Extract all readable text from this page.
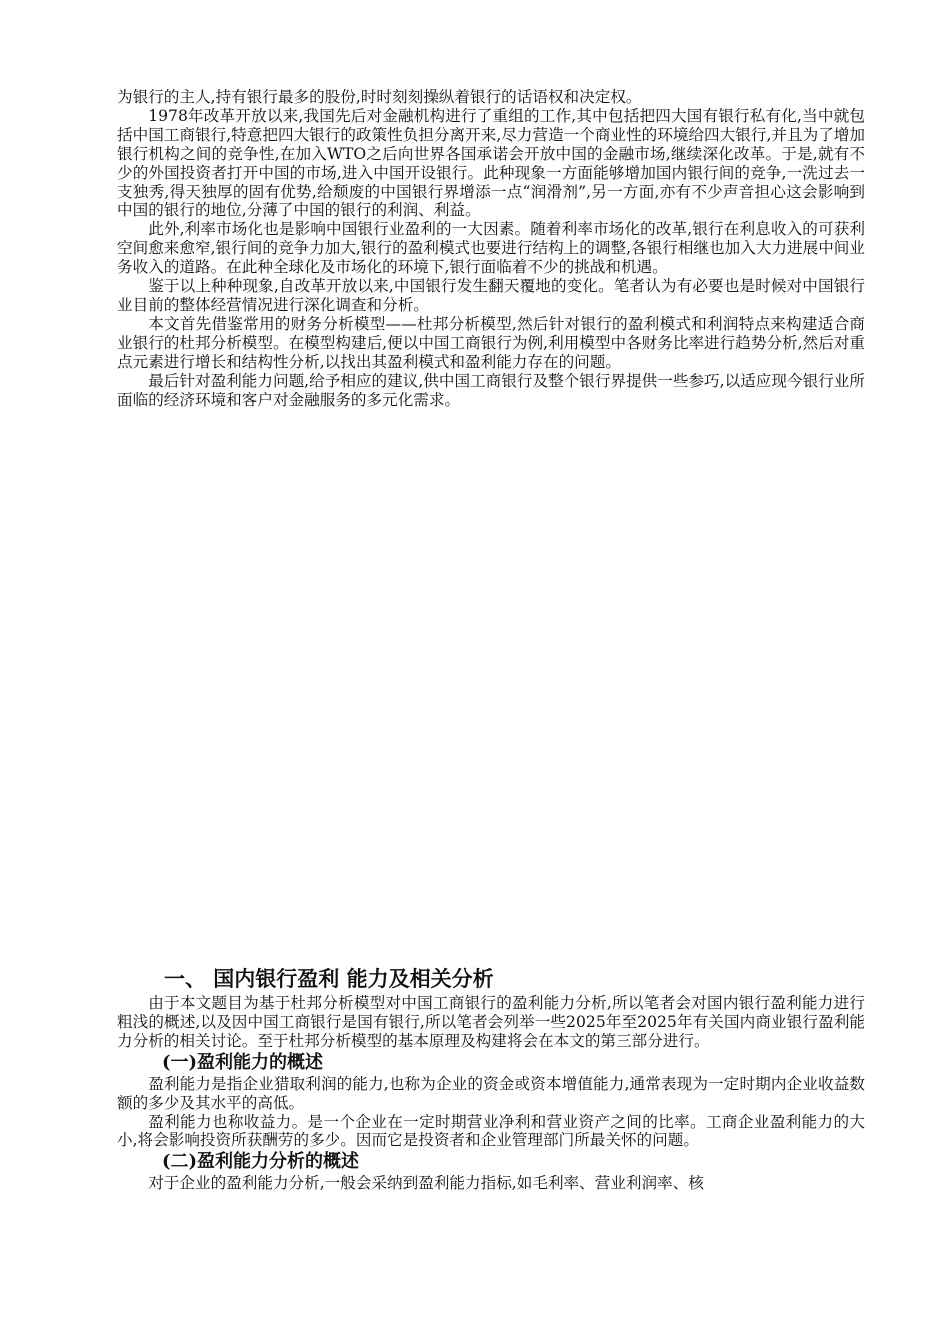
为银行的主人,持有银行最多的股份,时时刻刻操纵着银行的话语权和决定权。

1978年改革开放以来,我国先后对金融机构进行了重组的工作,其中包括把四大国有银行私有化,当中就包括中国工商银行,特意把四大银行的政策性负担分离开来,尽力营造一个商业性的环境给四大银行,并且为了增加银行机构之间的竞争性,在加入WTO之后向世界各国承诺会开放中国的金融市场,继续深化改革。于是,就有不少的外国投资者打开中国的市场,进入中国开设银行。此种现象一方面能够增加国内银行间的竞争,一洗过去一支独秀,得天独厚的固有优势,给颓废的中国银行界增添一点“润滑剂”,另一方面,亦有不少声音担心这会影响到中国的银行的地位,分薄了中国的银行的利润、利益。

此外,利率市场化也是影响中国银行业盈利的一大因素。随着利率市场化的改革,银行在利息收入的可获利空间愈来愈窄,银行间的竞争力加大,银行的盈利模式也要进行结构上的调整,各银行相继也加入大力进展中间业务收入的道路。在此种全球化及市场化的环境下,银行面临着不少的挑战和机遇。

鉴于以上种种现象,自改革开放以来,中国银行发生翻天覆地的变化。笔者认为有必要也是时候对中国银行业目前的整体经营情况进行深化调查和分析。

本文首先借鉴常用的财务分析模型——杜邦分析模型,然后针对银行的盈利模式和利润特点来构建适合商业银行的杜邦分析模型。在模型构建后,便以中国工商银行为例,利用模型中各财务比率进行趋势分析,然后对重点元素进行增长和结构性分析,以找出其盈利模式和盈利能力存在的问题。

最后针对盈利能力问题,给予相应的建议,供中国工商银行及整个银行界提供一些参巧,以适应现今银行业所面临的经济环境和客户对金融服务的多元化需求。

一、 国内银行盈利 能力及相关分析

由于本文题目为基于杜邦分析模型对中国工商银行的盈利能力分析,所以笔者会对国内银行盈利能力进行粗浅的概述,以及因中国工商银行是国有银行,所以笔者会列举一些2025年至2025年有关国内商业银行盈利能力分析的相关讨论。至于杜邦分析模型的基本原理及构建将会在本文的第三部分进行。

(一)盈利能力的概述

盈利能力是指企业猎取利润的能力,也称为企业的资金或资本增值能力,通常表现为一定时期内企业收益数额的多少及其水平的高低。

盈利能力也称收益力。是一个企业在一定时期营业净利和营业资产之间的比率。工商企业盈利能力的大小,将会影响投资所获酬劳的多少。因而它是投资者和企业管理部门所最关怀的问题。

(二)盈利能力分析的概述

对于企业的盈利能力分析,一般会采纳到盈利能力指标,如毛利率、营业利润率、核
